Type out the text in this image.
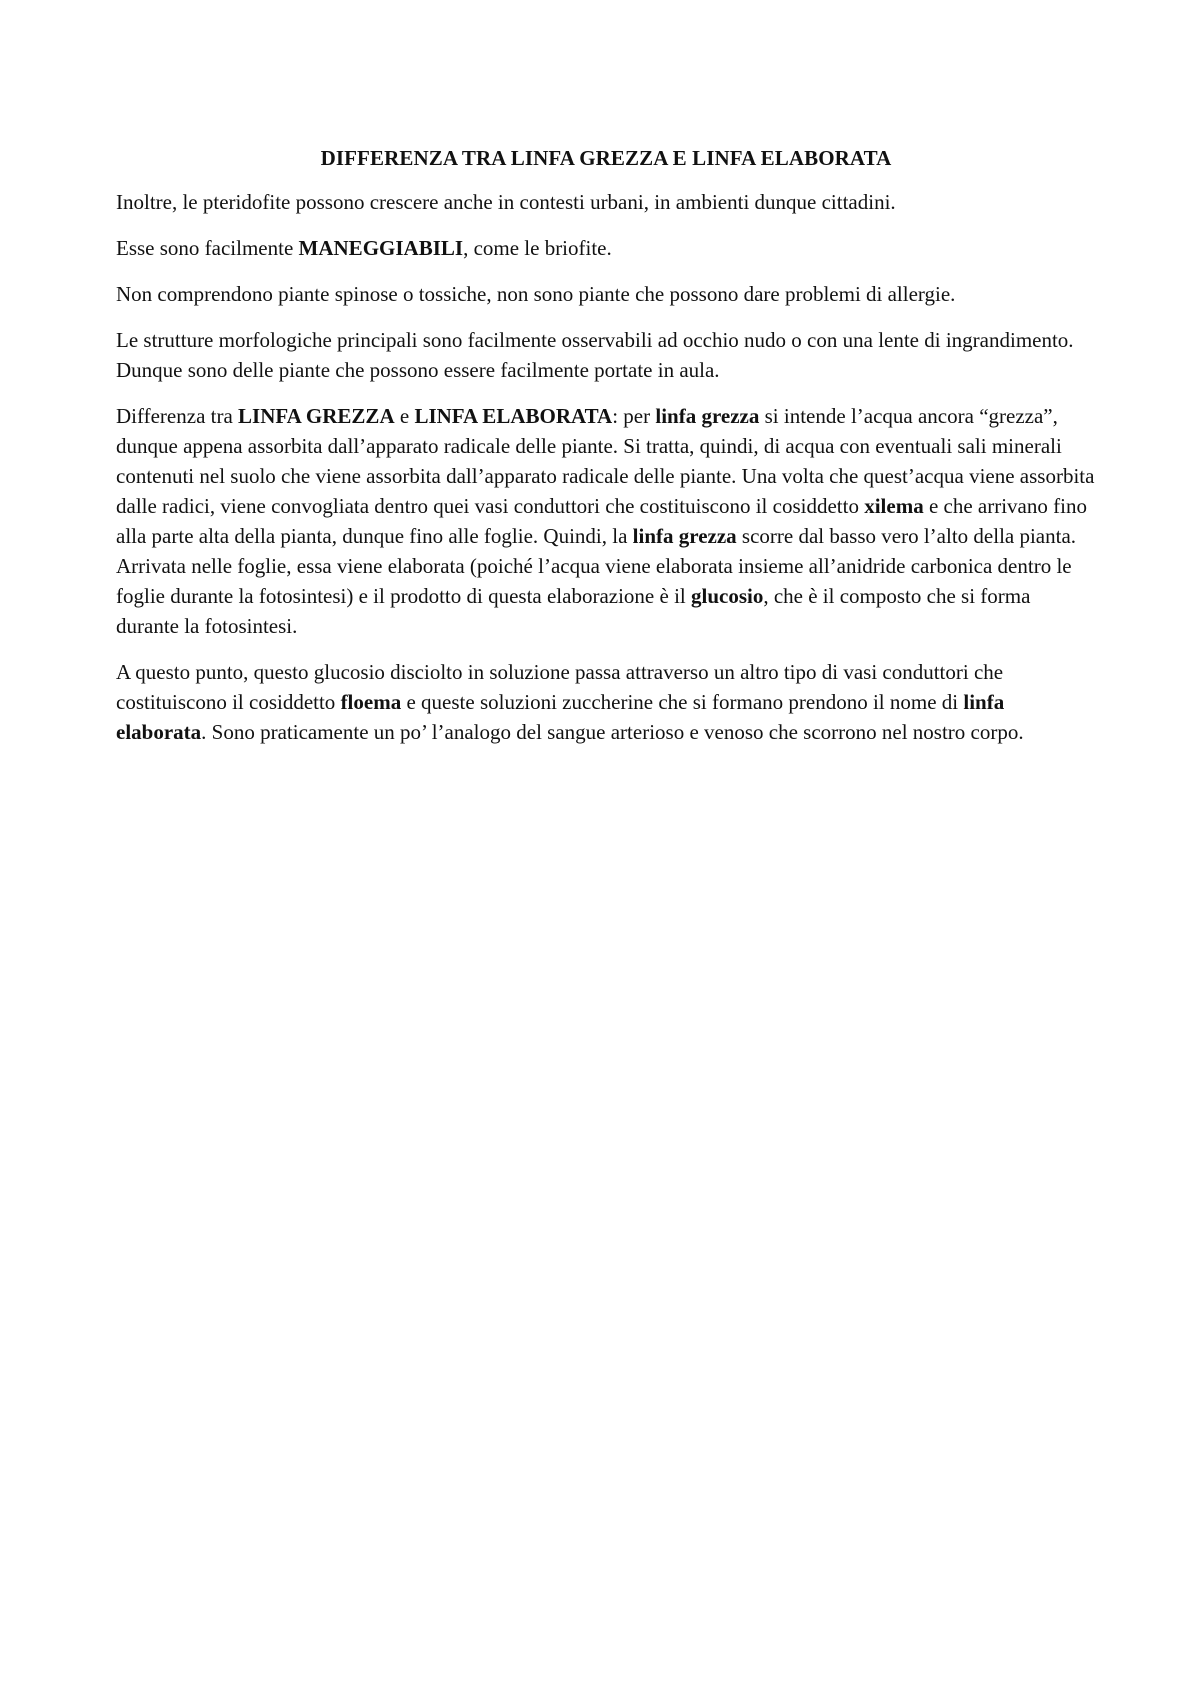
DIFFERENZA TRA LINFA GREZZA E LINFA ELABORATA

Inoltre, le pteridofite possono crescere anche in contesti urbani, in ambienti dunque cittadini.

Esse sono facilmente MANEGGIABILI, come le briofite.

Non comprendono piante spinose o tossiche, non sono piante che possono dare problemi di allergie.

Le strutture morfologiche principali sono facilmente osservabili ad occhio nudo o con una lente di ingrandimento. Dunque sono delle piante che possono essere facilmente portate in aula.

Differenza tra LINFA GREZZA e LINFA ELABORATA: per linfa grezza si intende l’acqua ancora “grezza”, dunque appena assorbita dall’apparato radicale delle piante. Si tratta, quindi, di acqua con eventuali sali minerali contenuti nel suolo che viene assorbita dall’apparato radicale delle piante. Una volta che quest’acqua viene assorbita dalle radici, viene convogliata dentro quei vasi conduttori che costituiscono il cosiddetto xilema e che arrivano fino alla parte alta della pianta, dunque fino alle foglie. Quindi, la linfa grezza scorre dal basso vero l’alto della pianta. Arrivata nelle foglie, essa viene elaborata (poiché l’acqua viene elaborata insieme all’anidride carbonica dentro le foglie durante la fotosintesi) e il prodotto di questa elaborazione è il glucosio, che è il composto che si forma durante la fotosintesi.

A questo punto, questo glucosio disciolto in soluzione passa attraverso un altro tipo di vasi conduttori che costituiscono il cosiddetto floema e queste soluzioni zuccherine che si formano prendono il nome di linfa elaborata. Sono praticamente un po’ l’analogo del sangue arterioso e venoso che scorrono nel nostro corpo.
